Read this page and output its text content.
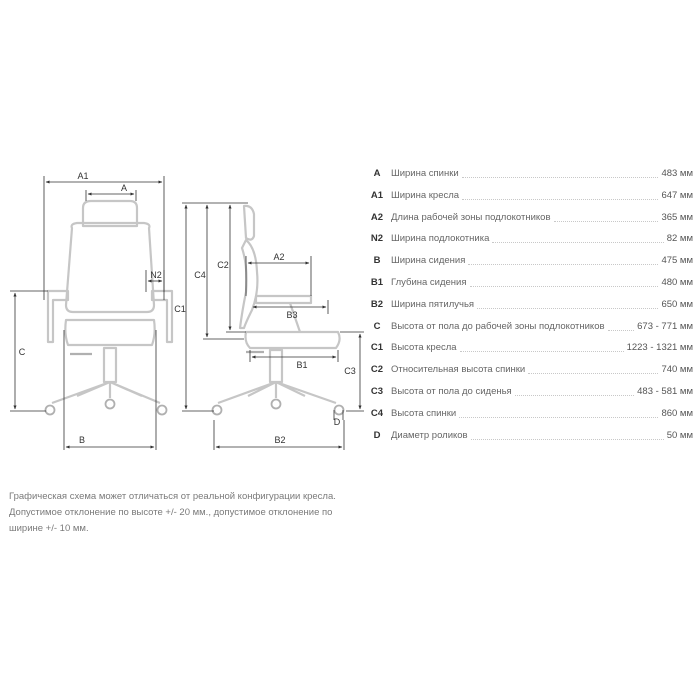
A1
A
N2
C
B
C1
C4
C2
A2
B3
B1
C3
D
B2
A	Ширина спинки	483 мм
A1 Ширина кресла	647 мм
A2 Длина рабочей зоны подлокотников	365 мм
N2 Ширина подлокотника	82 мм
B	Ширина сидения	475 мм
B1 Глубина сидения	480 мм
B2 Ширина пятилучья	650 мм
C	Высота от пола до рабочей зоны подлокотников	673 - 771 мм
C1 Высота кресла	1223 - 1321 мм
C2 Относительная высота спинки	740 мм
C3 Высота от пола до сиденья	483 - 581 мм
C4 Высота спинки	860 мм
D	Диаметр роликов	50 мм
Графическая схема может отличаться от реальной конфигурации кресла. Допустимое отклонение по высоте +/- 20 мм., допустимое отклонение по ширине +/- 10 мм.
